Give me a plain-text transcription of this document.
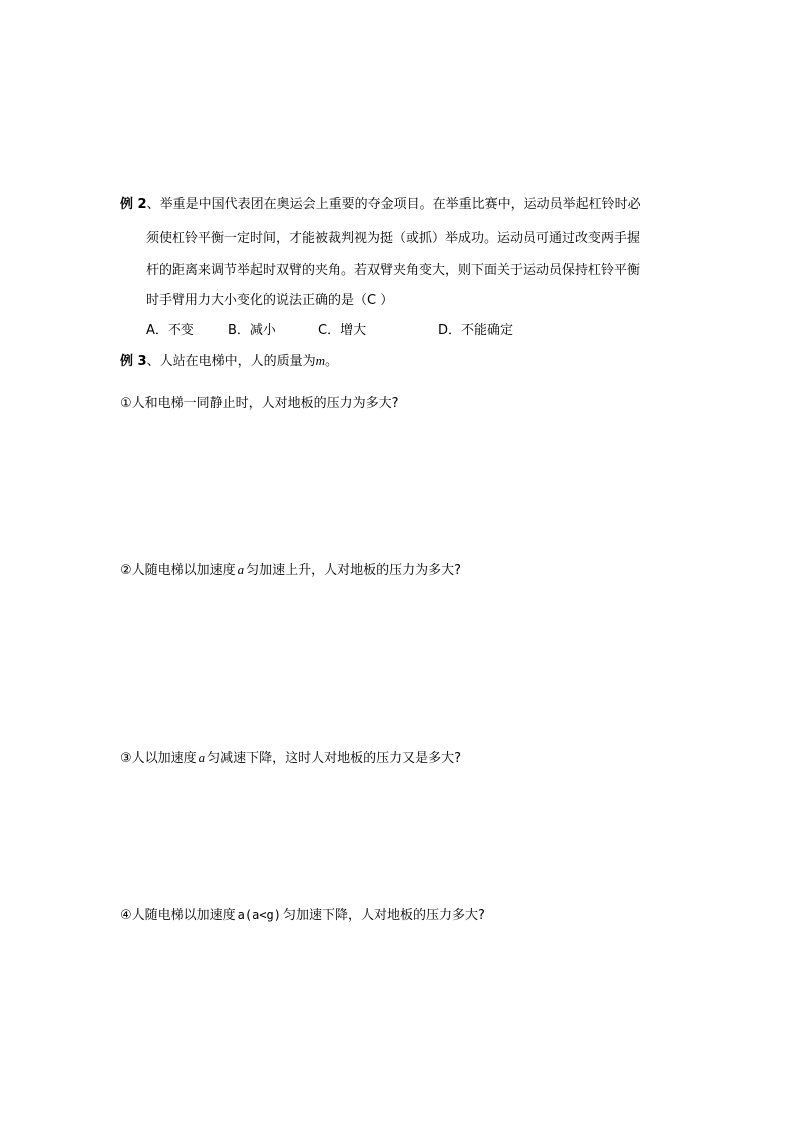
例 2、举重是中国代表团在奥运会上重要的夺金项目。在举重比赛中，运动员举起杠铃时必
须使杠铃平衡一定时间，才能被裁判视为挺（或抓）举成功。运动员可通过改变两手握
杆的距离来调节举起时双臂的夹角。若双臂夹角变大，则下面关于运动员保持杠铃平衡
时手臂用力大小变化的说法正确的是（C ）
A．不变	B．减小	C．增大	D．不能确定
例 3、人站在电梯中，人的质量为m。
①人和电梯一同静止时，人对地板的压力为多大?
②人随电梯以加速度 a 匀加速上升，人对地板的压力为多大?
③人以加速度 a 匀减速下降，这时人对地板的压力又是多大?
④人随电梯以加速度 a(a<g) 匀加速下降，人对地板的压力多大?
